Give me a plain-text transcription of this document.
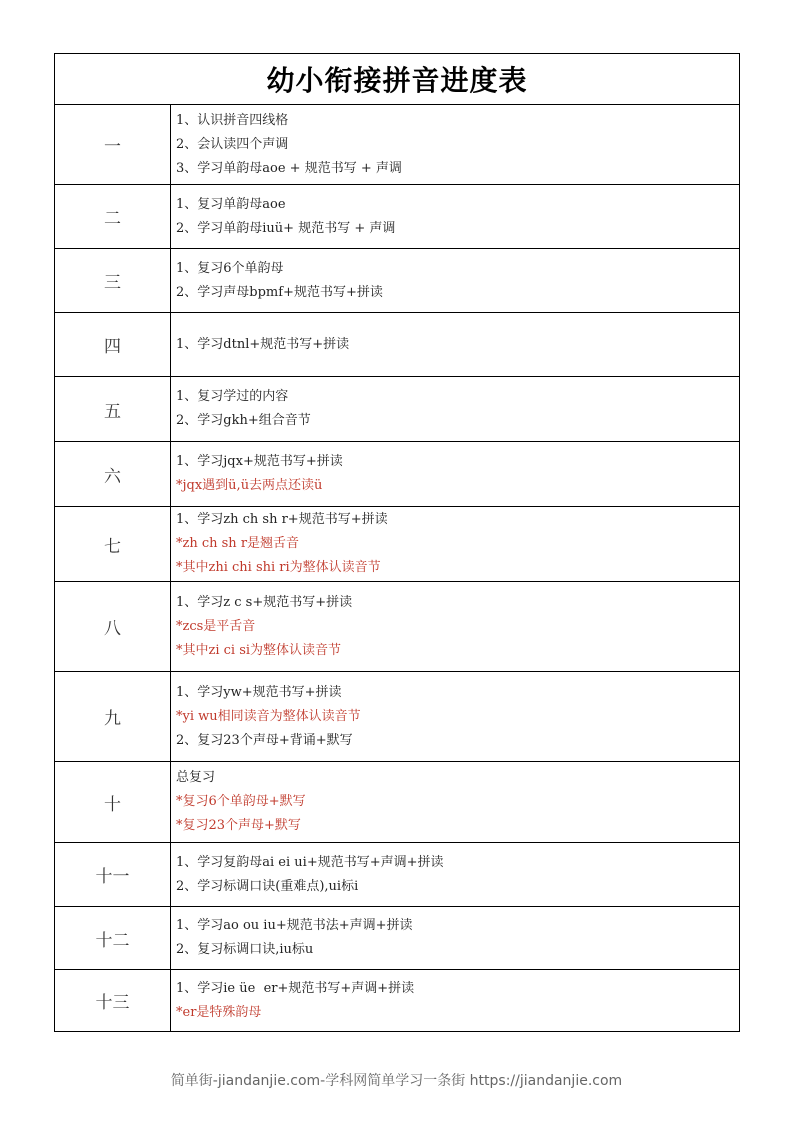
幼小衔接拼音进度表	
一	1、认识拼音四线格
2、会认读四个声调
3、学习单韵母aoe + 规范书写 + 声调

二	1、复习单韵母aoe
2、学习单韵母iuü+ 规范书写 + 声调

三	1、复习6个单韵母
2、学习声母bpmf+规范书写+拼读

四	1、学习dtnl+规范书写+拼读

五	1、复习学过的内容
2、学习gkh+组合音节

六	1、学习jqx+规范书写+拼读
*jqx遇到ü,ü去两点还读ü

七	1、学习zh ch sh r+规范书写+拼读
*zh ch sh r是翘舌音
*其中zhi chi shi ri为整体认读音节

八	1、学习z c s+规范书写+拼读
*zcs是平舌音
*其中zi ci si为整体认读音节

九	1、学习yw+规范书写+拼读
*yi wu相同读音为整体认读音节
2、复习23个声母+背诵+默写

十	总复习
*复习6个单韵母+默写
*复习23个声母+默写

十一	1、学习复韵母ai ei ui+规范书写+声调+拼读
2、学习标调口诀(重难点),ui标i

十二	1、学习ao ou iu+规范书法+声调+拼读
2、复习标调口诀,iu标u

十三	1、学习ie üe  er+规范书写+声调+拼读
*er是特殊韵母
简单街-jiandanjie.com-学科网简单学习一条街 https://jiandanjie.com
